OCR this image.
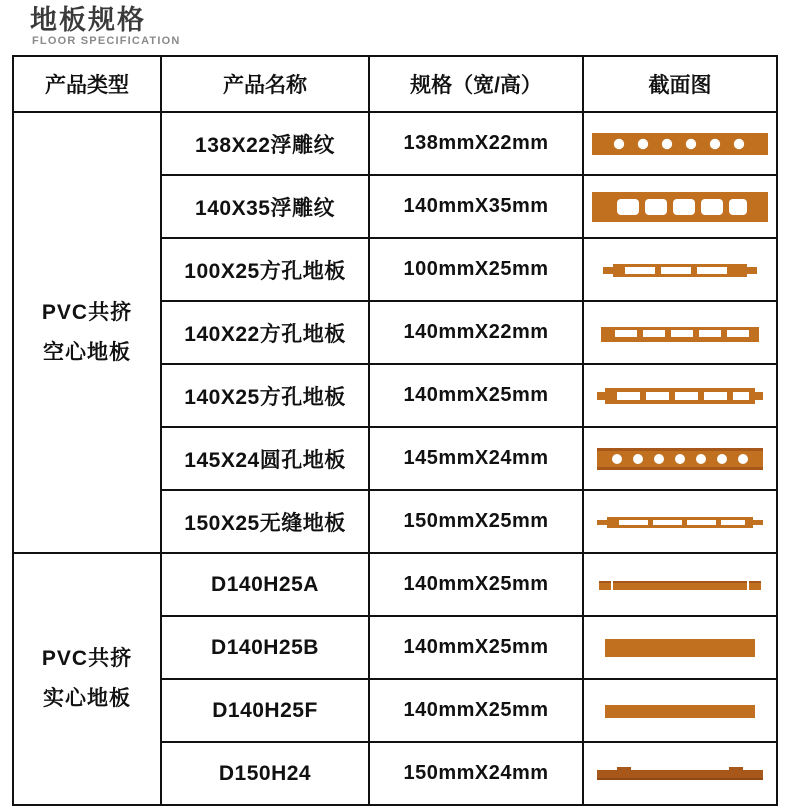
地板规格
FLOOR SPECIFICATION
产品类型	产品名称	规格（宽/高）	截面图

PVC共挤
空心地板	138X22浮雕纹	138mmX22mm	

	140X35浮雕纹	140mmX35mm	

	100X25方孔地板	100mmX25mm	

	140X22方孔地板	140mmX22mm	

	140X25方孔地板	140mmX25mm	

	145X24圆孔地板	145mmX24mm	

	150X25无缝地板	150mmX25mm	

PVC共挤
实心地板	D140H25A	140mmX25mm	

	D140H25B	140mmX25mm	

	D140H25F	140mmX25mm	

	D150H24	150mmX24mm	
